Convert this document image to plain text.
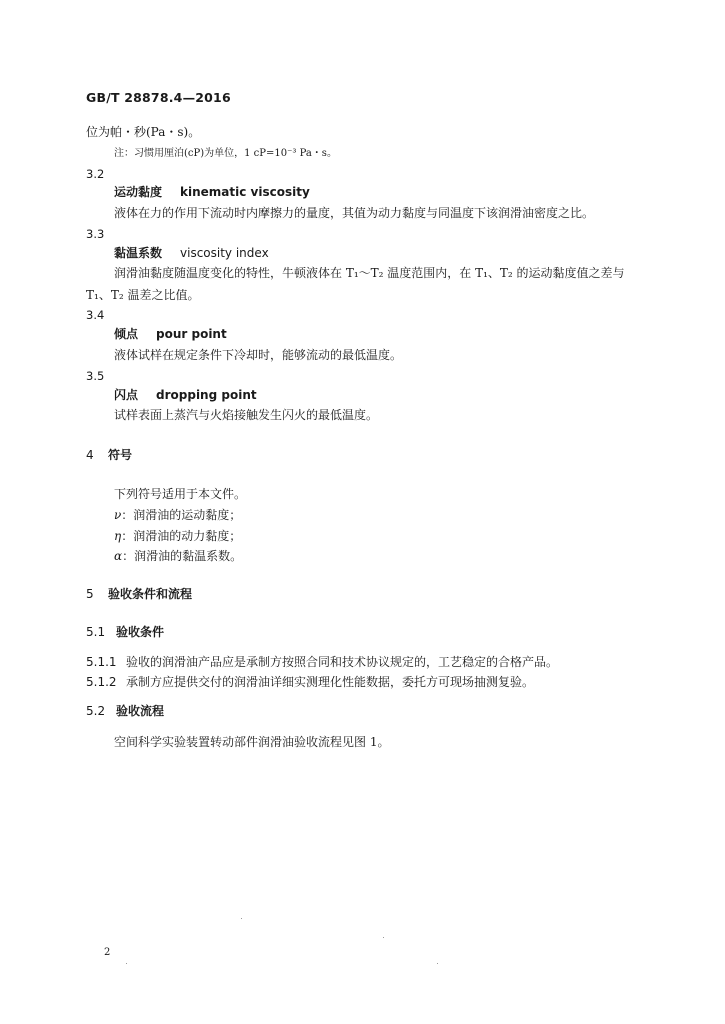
GB/T 28878.4—2016
位为帕・秒(Pa・s)。
注：习惯用厘泊(cP)为单位，1 cP=10⁻³ Pa・s。
3.2
运动黏度 kinematic viscosity
液体在力的作用下流动时内摩擦力的量度，其值为动力黏度与同温度下该润滑油密度之比。
3.3
黏温系数 viscosity index
润滑油黏度随温度变化的特性，牛顿液体在 T₁～T₂ 温度范围内，在 T₁、T₂ 的运动黏度值之差与
T₁、T₂ 温差之比值。
3.4
倾点 pour point
液体试样在规定条件下冷却时，能够流动的最低温度。
3.5
闪点 dropping point
试样表面上蒸汽与火焰接触发生闪火的最低温度。
4 符号
下列符号适用于本文件。
ν：润滑油的运动黏度；
η：润滑油的动力黏度；
α：润滑油的黏温系数。
5 验收条件和流程
5.1 验收条件
5.1.1 验收的润滑油产品应是承制方按照合同和技术协议规定的，工艺稳定的合格产品。
5.1.2 承制方应提供交付的润滑油详细实测理化性能数据，委托方可现场抽测复验。
5.2 验收流程
空间科学实验装置转动部件润滑油验收流程见图 1。
2
